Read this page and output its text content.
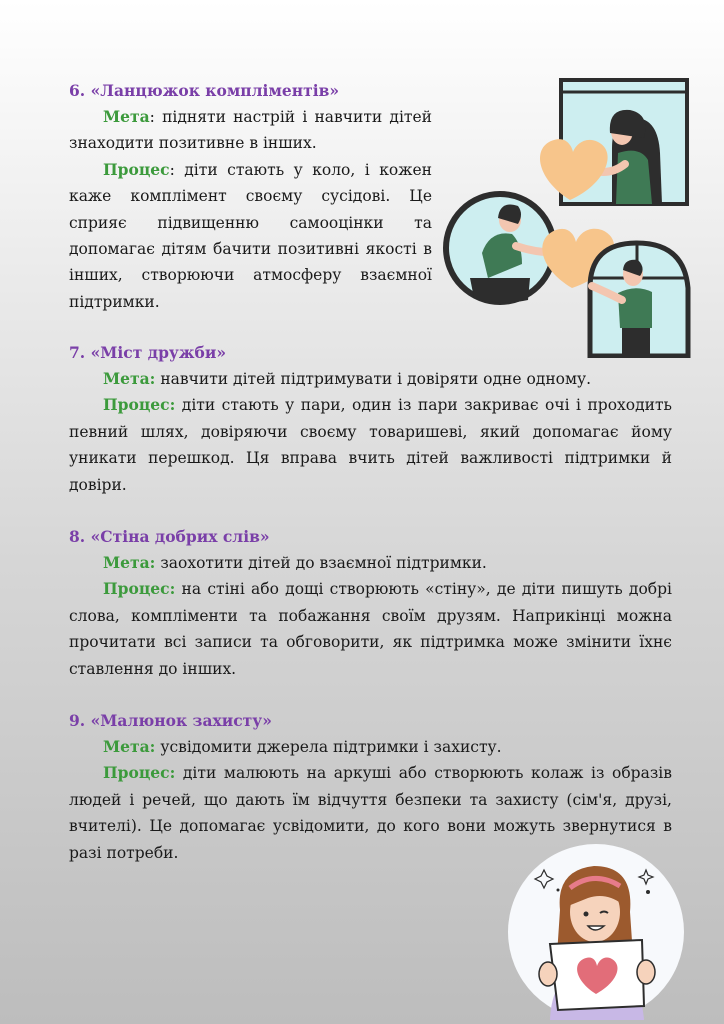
6. «Ланцюжок компліментів»

Мета: підняти настрій і навчити дітей знаходити позитивне в інших.

Процес: діти стають у коло, і кожен каже комплімент своєму сусідові. Це сприяє підвищенню самооцінки та допомагає дітям бачити позитивні якості в інших, створюючи атмосферу взаємної підтримки.

7. «Міст дружби»

Мета: навчити дітей підтримувати і довіряти одне одному.

Процес: діти стають у пари, один із пари закриває очі і проходить певний шлях, довіряючи своєму товаришеві, який допомагає йому уникати перешкод. Ця вправа вчить дітей важливості підтримки й довіри.

8. «Стіна добрих слів»

Мета: заохотити дітей до взаємної підтримки.

Процес: на стіні або дощі створюють «стіну», де діти пишуть добрі слова, компліменти та побажання своїм друзям. Наприкінці можна прочитати всі записи та обговорити, як підтримка може змінити їхнє ставлення до інших.

9. «Малюнок захисту»

Мета: усвідомити джерела підтримки і захисту.

Процес: діти малюють на аркуші або створюють колаж із образів людей і речей, що дають їм відчуття безпеки та захисту (сім'я, друзі, вчителі). Це допомагає усвідомити, до кого вони можуть звернутися в разі потреби.
